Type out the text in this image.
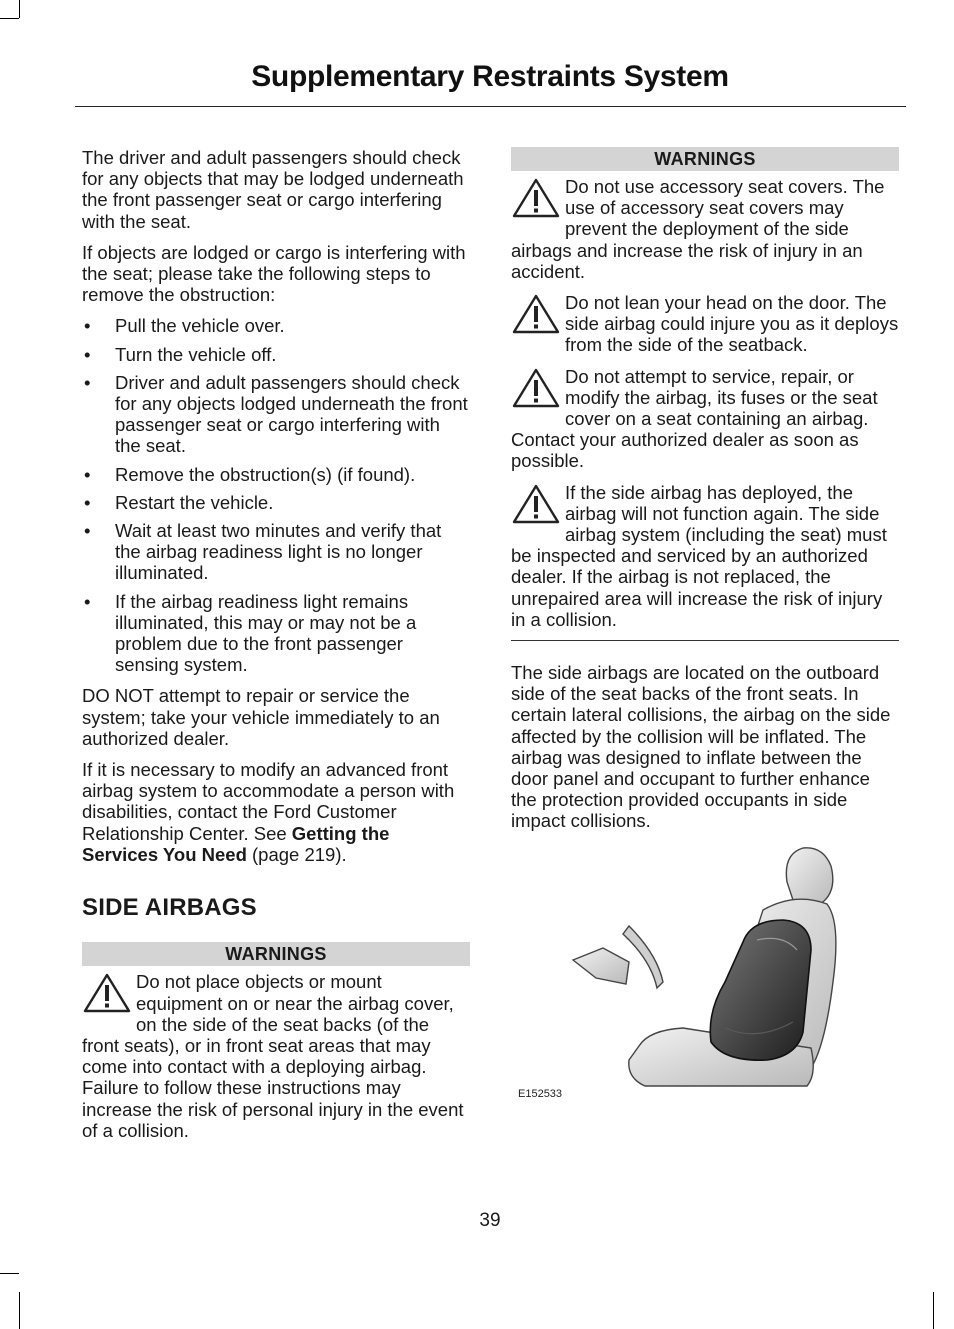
Supplementary Restraints System

The driver and adult passengers should check for any objects that may be lodged underneath the front passenger seat or cargo interfering with the seat.

If objects are lodged or cargo is interfering with the seat; please take the following steps to remove the obstruction:

• Pull the vehicle over.
• Turn the vehicle off.
• Driver and adult passengers should check for any objects lodged underneath the front passenger seat or cargo interfering with the seat.
• Remove the obstruction(s) (if found).
• Restart the vehicle.
• Wait at least two minutes and verify that the airbag readiness light is no longer illuminated.
• If the airbag readiness light remains illuminated, this may or may not be a problem due to the front passenger sensing system.

DO NOT attempt to repair or service the system; take your vehicle immediately to an authorized dealer.

If it is necessary to modify an advanced front airbag system to accommodate a person with disabilities, contact the Ford Customer Relationship Center. See Getting the Services You Need (page 219).

SIDE AIRBAGS
WARNINGS
Do not place objects or mount equipment on or near the airbag cover, on the side of the seat backs (of the front seats), or in front seat areas that may come into contact with a deploying airbag. Failure to follow these instructions may increase the risk of personal injury in the event of a collision.
WARNINGS
Do not use accessory seat covers. The use of accessory seat covers may prevent the deployment of the side airbags and increase the risk of injury in an accident.
Do not lean your head on the door. The side airbag could injure you as it deploys from the side of the seatback.
Do not attempt to service, repair, or modify the airbag, its fuses or the seat cover on a seat containing an airbag. Contact your authorized dealer as soon as possible.
If the side airbag has deployed, the airbag will not function again. The side airbag system (including the seat) must be inspected and serviced by an authorized dealer. If the airbag is not replaced, the unrepaired area will increase the risk of injury in a collision.

The side airbags are located on the outboard side of the seat backs of the front seats. In certain lateral collisions, the airbag on the side affected by the collision will be inflated. The airbag was designed to inflate between the door panel and occupant to further enhance the protection provided occupants in side impact collisions.

E152533
39
